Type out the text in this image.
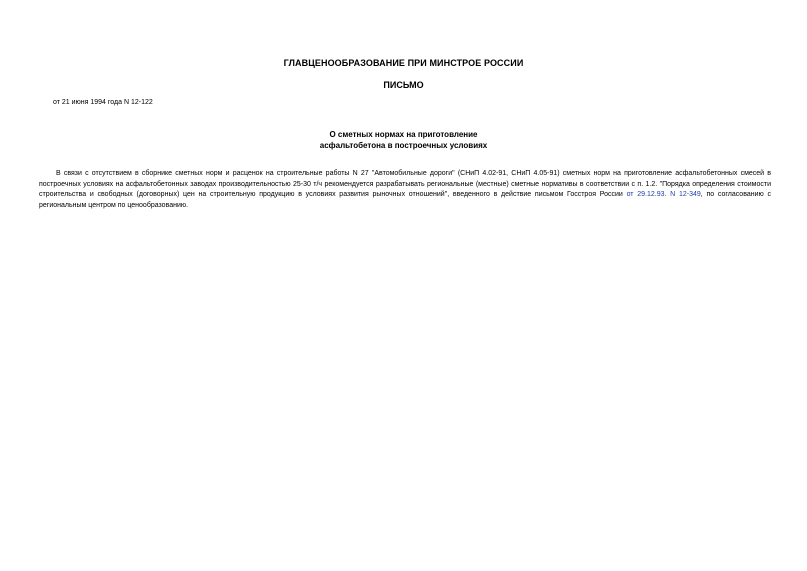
ГЛАВЦЕНООБРАЗОВАНИЕ ПРИ МИНСТРОЕ РОССИИ
ПИСЬМО
от 21 июня 1994 года N 12-122
О сметных нормах на приготовление
асфальтобетона в построечных условиях
В связи с отсутствием в сборнике сметных норм и расценок на строительные работы N 27 "Автомобильные дороги" (СНиП 4.02-91, СНиП 4.05-91) сметных норм на приготовление асфальтобетонных смесей в построечных условиях на асфальтобетонных заводах производительностью 25-30 т/ч рекомендуется разрабатывать региональные (местные) сметные нормативы в соответствии с п. 1.2. "Порядка определения стоимости строительства и свободных (договорных) цен на строительную продукцию в условиях развития рыночных отношений", введенного в действие письмом Госстроя России от 29.12.93. N 12-349, по согласованию с региональным центром по ценообразованию.
